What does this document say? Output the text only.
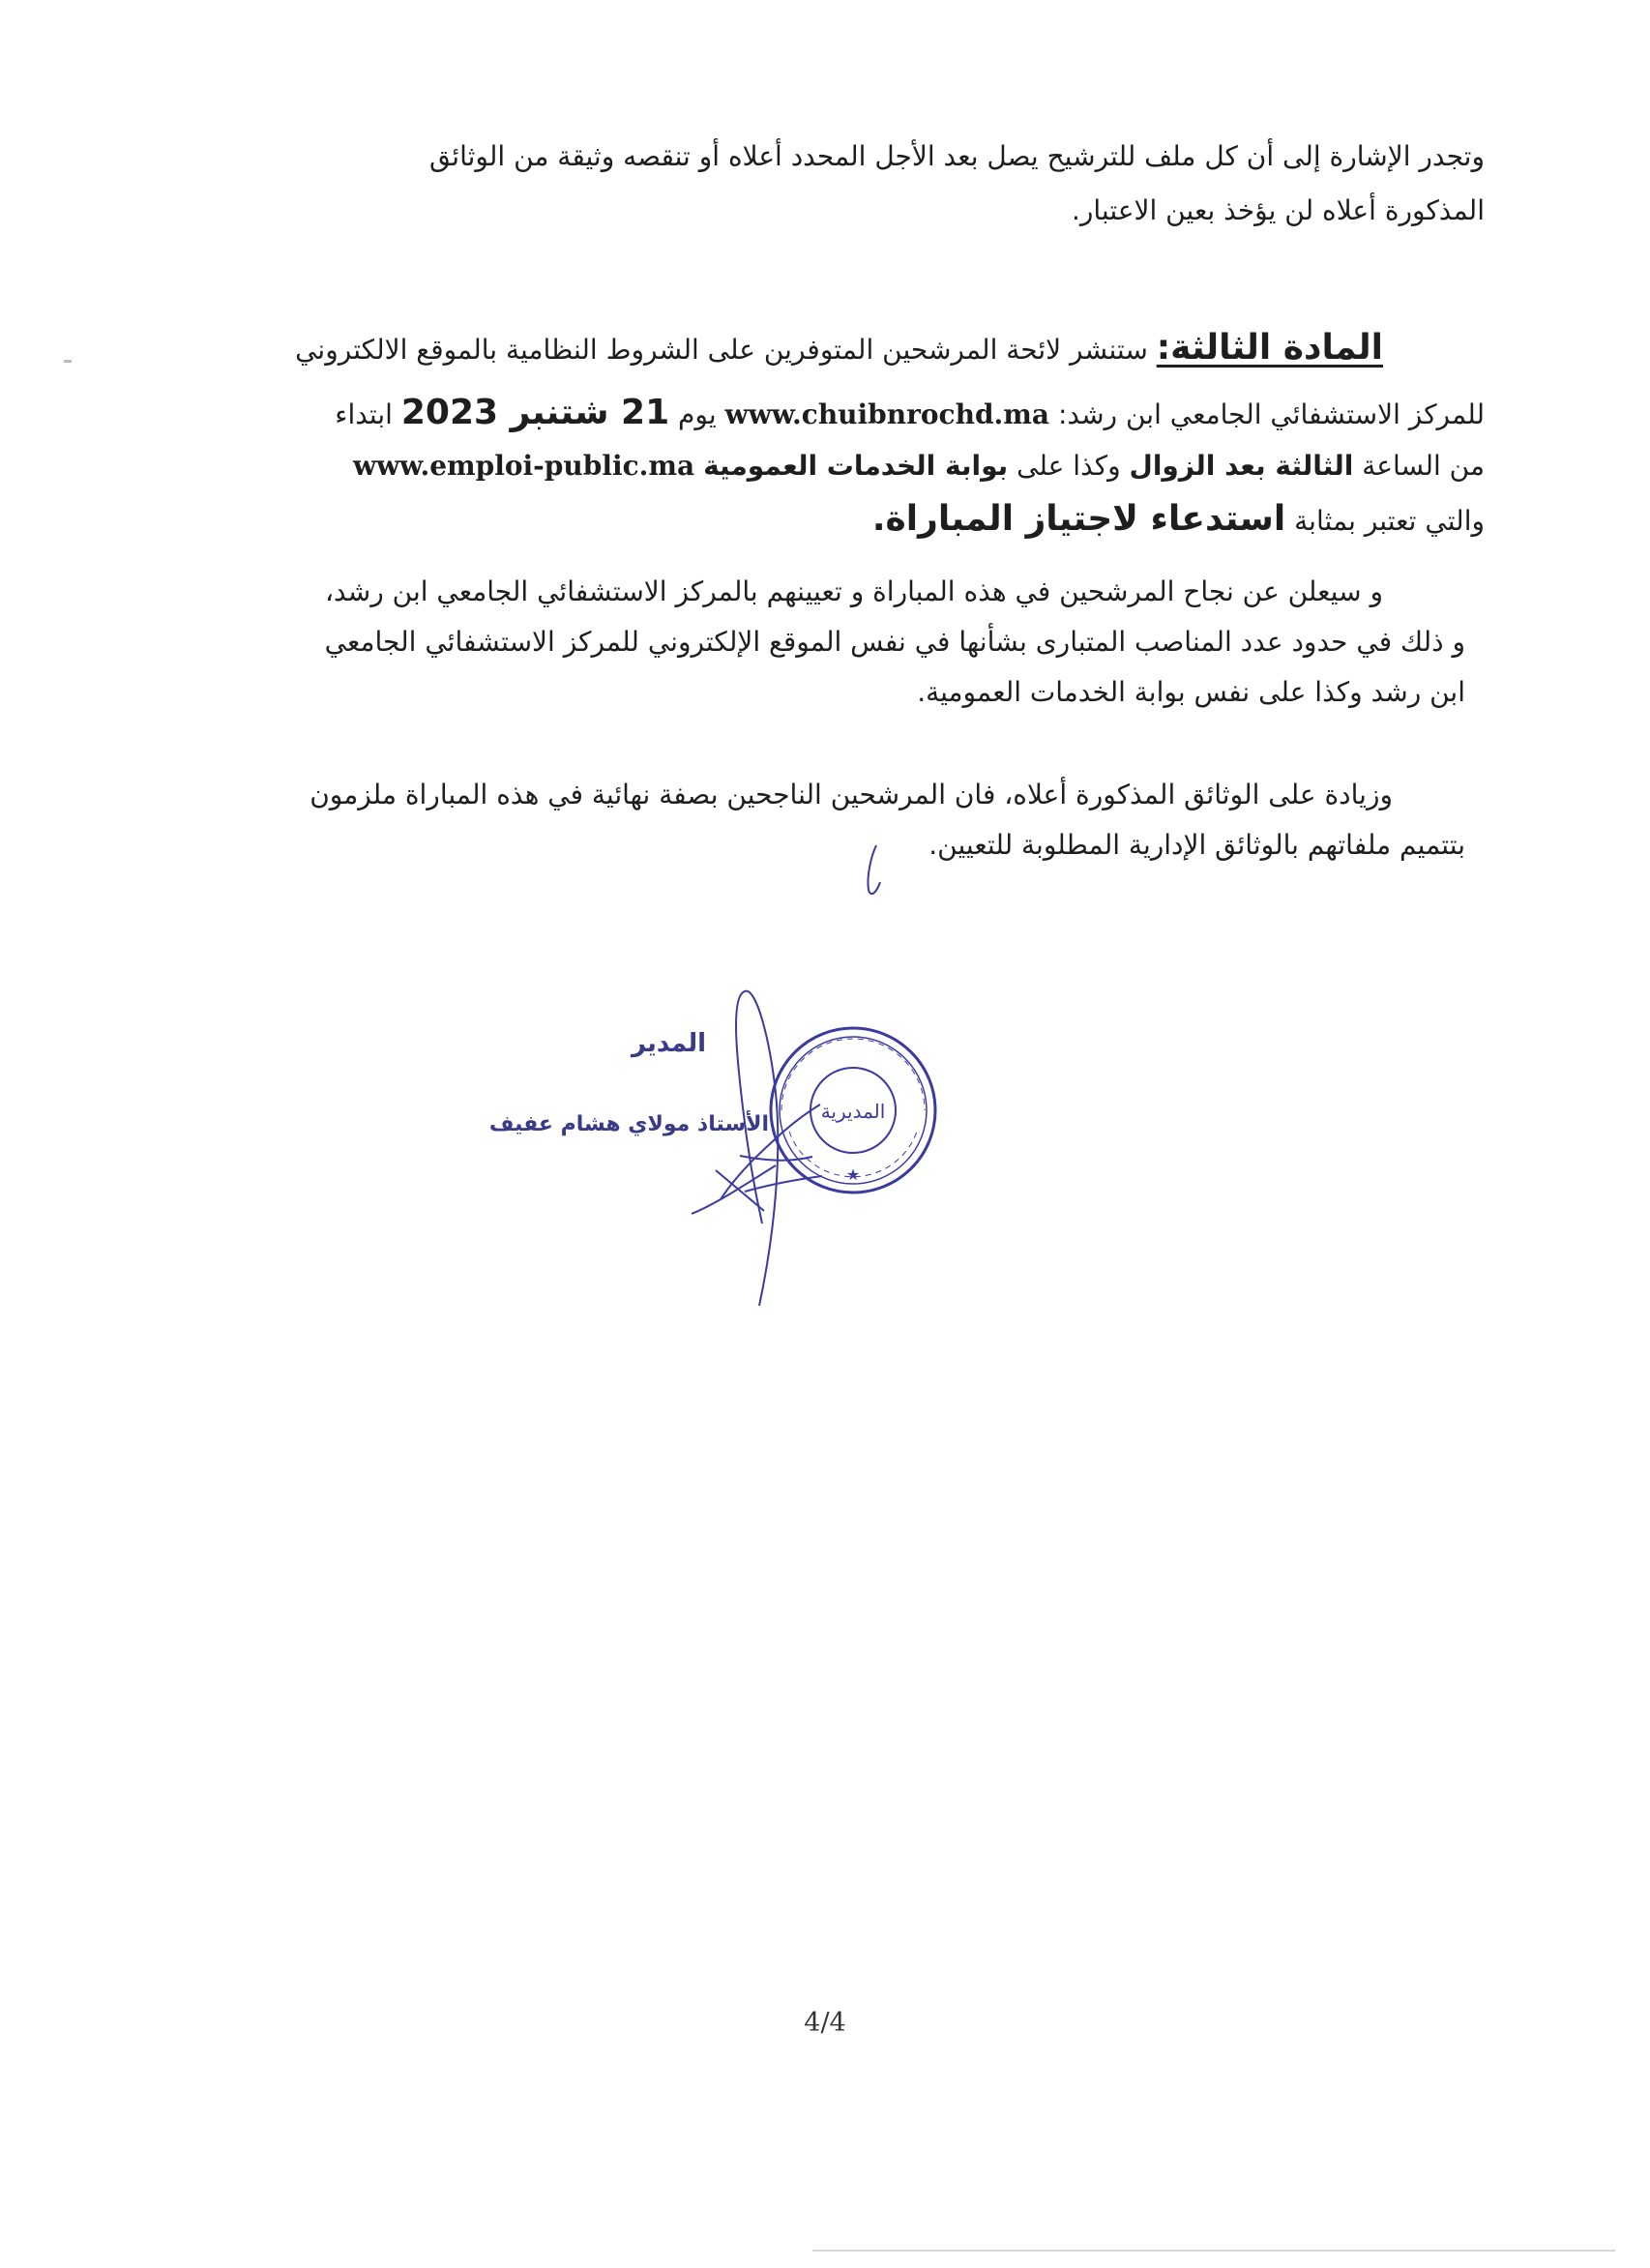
وتجدر الإشارة إلى أن كل ملف للترشيح يصل بعد الأجل المحدد أعلاه أو تنقصه وثيقة من الوثائق
المذكورة أعلاه لن يؤخذ بعين الاعتبار.
المادة الثالثة: ستنشر لائحة المرشحين المتوفرين على الشروط النظامية بالموقع الالكتروني
للمركز الاستشفائي الجامعي ابن رشد: www.chuibnrochd.ma يوم 21 شتنبر 2023 ابتداء
من الساعة الثالثة بعد الزوال وكذا على بوابة الخدمات العمومية www.emploi-public.ma
والتي تعتبر بمثابة استدعاء لاجتياز المباراة.
و سيعلن عن نجاح المرشحين في هذه المباراة و تعيينهم بالمركز الاستشفائي الجامعي ابن رشد،
و ذلك في حدود عدد المناصب المتبارى بشأنها في نفس الموقع الإلكتروني للمركز الاستشفائي الجامعي
ابن رشد وكذا على نفس بوابة الخدمات العمومية.
وزيادة على الوثائق المذكورة أعلاه، فان المرشحين الناجحين بصفة نهائية في هذه المباراة ملزمون
بتتميم ملفاتهم بالوثائق الإدارية المطلوبة للتعيين.
المدير
الأستاذ مولاي هشام عفيف
المديرية
★
4/4
